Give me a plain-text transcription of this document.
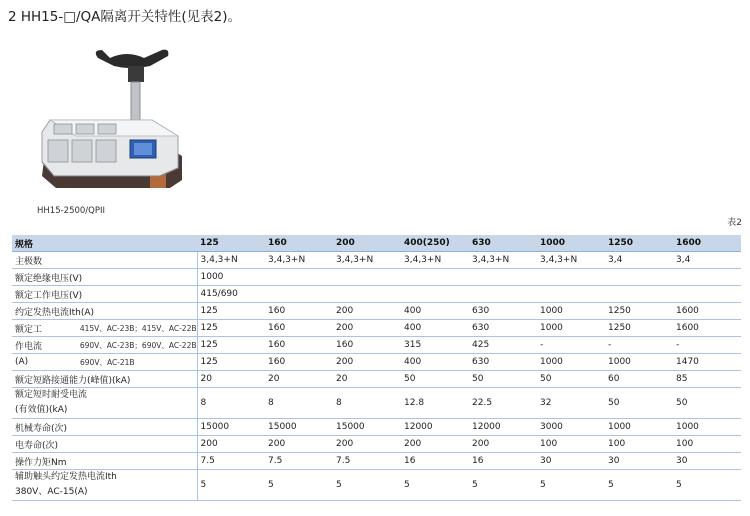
2 HH15-□/QA隔离开关特性(见表2)。
HH15-2500/QPII
表2
规格	125	160	200	400(250)	630	1000	1250	1600
主极数	3,4,3+N	3,4,3+N	3,4,3+N	3,4,3+N	3,4,3+N	3,4,3+N	3,4	3,4
额定绝缘电压(V)	1000							
额定工作电压(V)	415/690							
约定发热电流Ith(A)	125	160	200	400	630	1000	1250	1600

额定工 415V、AC-23B；415V、AC-22B	125	160	200	400	630	1000	1250	1600

作电流 690V、AC-23B；690V、AC-22B	125	160	160	315	425	-	-	-

(A) 690V、AC-21B	125	160	200	400	630	1000	1000	1470
额定短路接通能力(峰值)(kA)	20	20	20	50	50	50	60	85

额定短时耐受电流
(有效值)(kA)	8	8	8	12.8	22.5	32	50	50
机械寿命(次)	15000	15000	15000	12000	12000	3000	1000	1000
电寿命(次)	200	200	200	200	200	100	100	100
操作力矩Nm	7.5	7.5	7.5	16	16	30	30	30

辅助触头约定发热电流Ith
380V、AC-15(A)	5	5	5	5	5	5	5	5
